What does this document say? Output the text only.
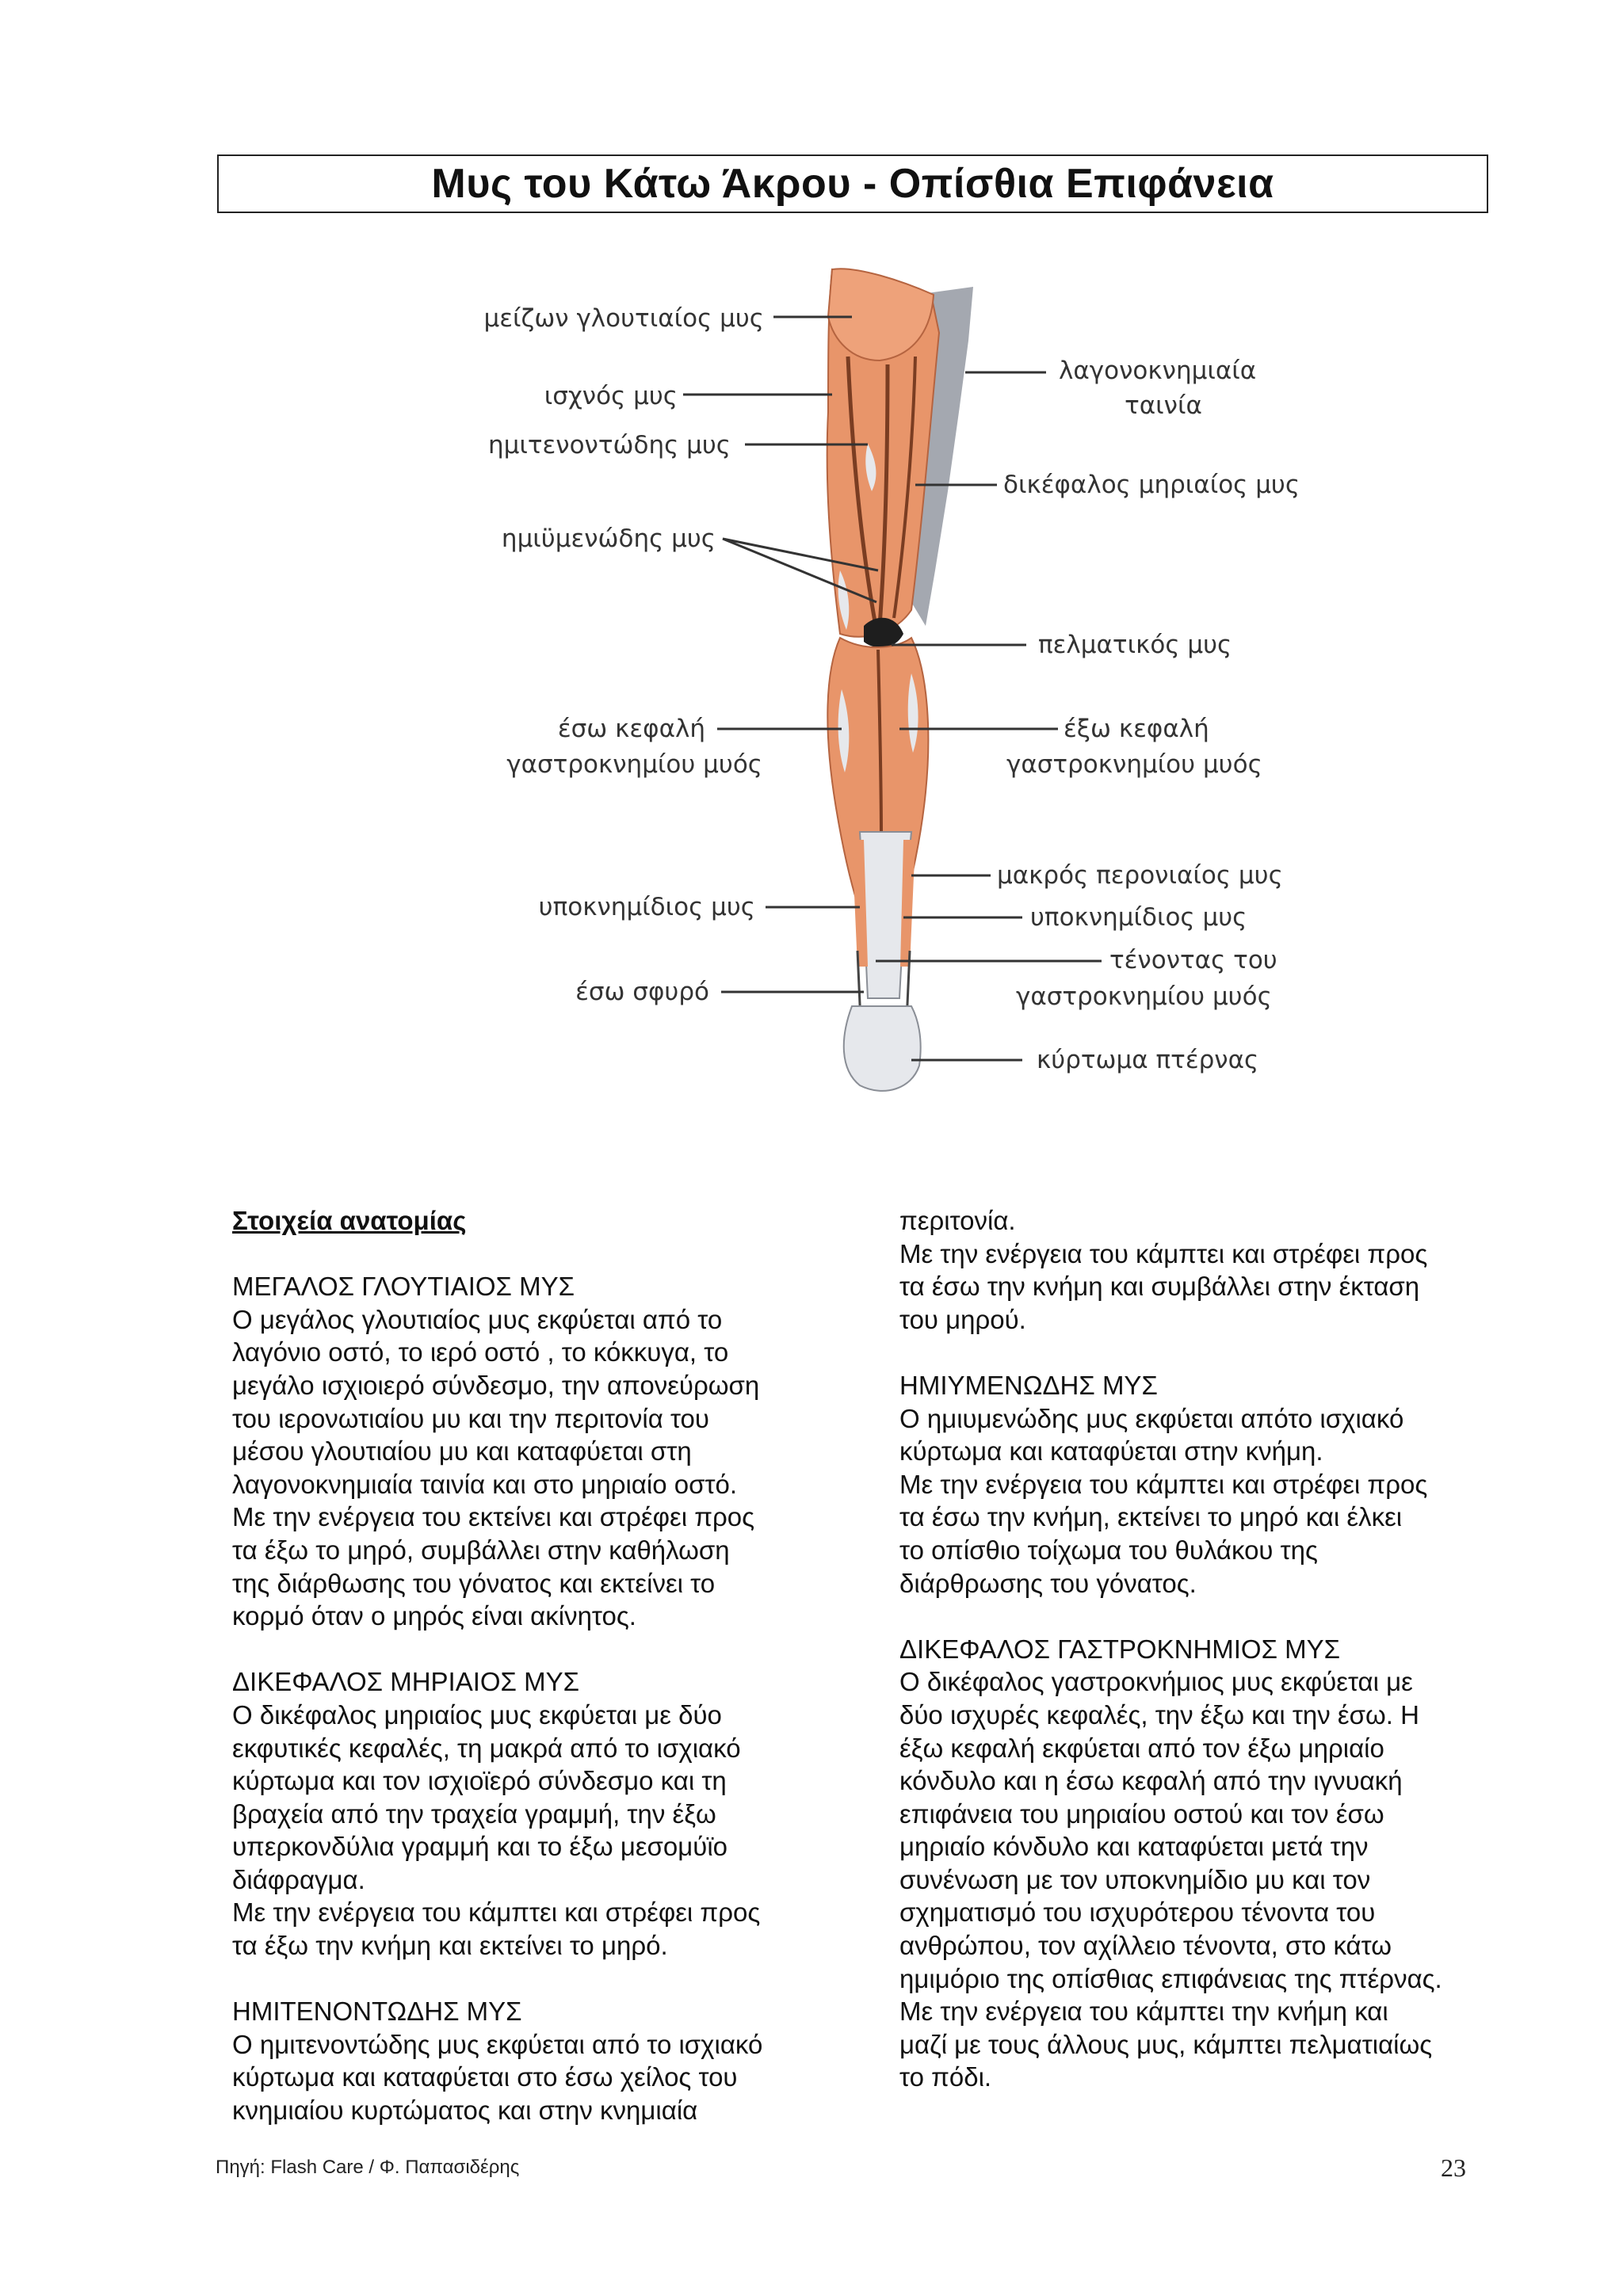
Μυς του Κάτω Άκρου - Οπίσθια Επιφάνεια
μείζων γλουτιαίος μυς
ισχνός μυς
ημιτενοντώδης μυς
ημιϋμενώδης μυς
έσω κεφαλή
γαστροκνημίου μυός
υποκνημίδιος μυς
έσω σφυρό
λαγονοκνημιαία
ταινία
δικέφαλος μηριαίος μυς
πελματικός μυς
έξω κεφαλή
γαστροκνημίου μυός
μακρός περονιαίος μυς
υποκνημίδιος μυς
τένοντας του
γαστροκνημίου μυός
κύρτωμα πτέρνας

Στοιχεία ανατομίας

ΜΕΓΑΛΟΣ ΓΛΟΥΤΙΑΙΟΣ ΜΥΣ

Ο μεγάλος γλουτιαίος μυς εκφύεται από το

λαγόνιο οστό, το ιερό οστό , το κόκκυγα, το

μεγάλο ισχιοιερό σύνδεσμο, την απονεύρωση

του ιερονωτιαίου μυ και την περιτονία του

μέσου γλουτιαίου μυ και καταφύεται στη

λαγονοκνημιαία ταινία και στο μηριαίο οστό.

Με την ενέργεια του εκτείνει και στρέφει προς

τα έξω το μηρό, συμβάλλει στην καθήλωση

της διάρθωσης του γόνατος και εκτείνει το

κορμό όταν ο μηρός είναι ακίνητος.

ΔΙΚΕΦΑΛΟΣ ΜΗΡΙΑΙΟΣ ΜΥΣ

Ο δικέφαλος μηριαίος μυς εκφύεται με δύο

εκφυτικές κεφαλές, τη μακρά από το ισχιακό

κύρτωμα και τον ισχιοϊερό σύνδεσμο και τη

βραχεία από την τραχεία γραμμή, την έξω

υπερκονδύλια γραμμή και το έξω μεσομύϊο

διάφραγμα.

Με την ενέργεια του κάμπτει και στρέφει προς

τα έξω την κνήμη και εκτείνει το μηρό.

ΗΜΙΤΕΝΟΝΤΩΔΗΣ ΜΥΣ

Ο ημιτενοντώδης μυς εκφύεται από το ισχιακό

κύρτωμα και καταφύεται στο έσω χείλος του

κνημιαίου κυρτώματος και στην κνημιαία

περιτονία.

Με την ενέργεια του κάμπτει και στρέφει προς

τα έσω την κνήμη και συμβάλλει στην έκταση

του μηρού.

ΗΜΙΥΜΕΝΩΔΗΣ ΜΥΣ

Ο ημιυμενώδης μυς εκφύεται απότο ισχιακό

κύρτωμα και καταφύεται στην κνήμη.

Με την ενέργεια του κάμπτει και στρέφει προς

τα έσω την κνήμη, εκτείνει το μηρό και έλκει

το οπίσθιο τοίχωμα του θυλάκου της

διάρθρωσης του γόνατος.

ΔΙΚΕΦΑΛΟΣ ΓΑΣΤΡΟΚΝΗΜΙΟΣ ΜΥΣ

Ο δικέφαλος γαστροκνήμιος μυς εκφύεται με

δύο ισχυρές κεφαλές, την έξω και την έσω. Η

έξω κεφαλή εκφύεται από τον έξω μηριαίο

κόνδυλο και η έσω κεφαλή από την ιγνυακή

επιφάνεια του μηριαίου οστού και τον έσω

μηριαίο κόνδυλο και καταφύεται μετά την

συνένωση με τον υποκνημίδιο μυ και τον

σχηματισμό του ισχυρότερου τένοντα του

ανθρώπου, τον αχίλλειο τένοντα, στο κάτω

ημιμόριο της οπίσθιας επιφάνειας της πτέρνας.

Με την ενέργεια του κάμπτει την κνήμη και

μαζί με τους άλλους μυς, κάμπτει πελματιαίως

το πόδι.

Πηγή: Flash Care / Φ. Παπασιδέρης	23
